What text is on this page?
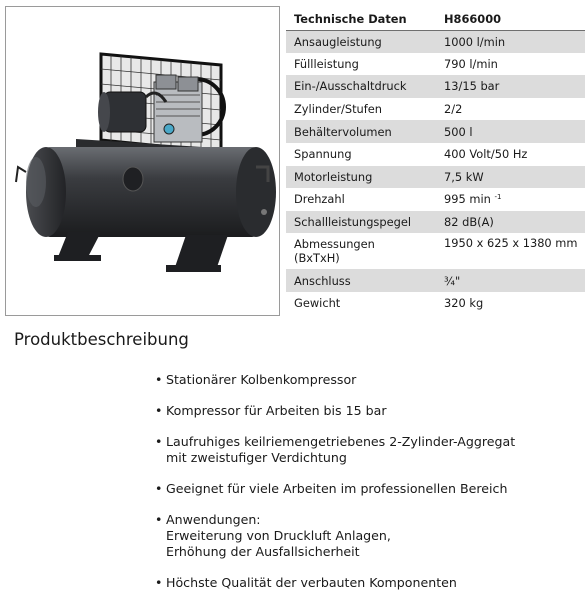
Technische Daten	H866000
Ansaugleistung	1000 l/min
Füllleistung	790 l/min
Ein-/Ausschaltdruck	13/15 bar
Zylinder/Stufen	2/2
Behältervolumen	500 l
Spannung	400 Volt/50 Hz
Motorleistung	7,5 kW
Drehzahl	995 min $^{-1}$
Schallleistungspegel	82 dB(A)
Abmessungen
(BxTxH)	1950 x 625 x 1380 mm
Anschluss	¾"
Gewicht	320 kg
Produktbeschreibung
• Stationärer Kolbenkompressor
• Kompressor für Arbeiten bis 15 bar
• Laufruhiges keilriemengetriebenes 2-Zylinder-Aggregat
mit zweistufiger Verdichtung
• Geeignet für viele Arbeiten im professionellen Bereich
• Anwendungen:
Erweiterung von Druckluft Anlagen,
Erhöhung der Ausfallsicherheit
• Höchste Qualität der verbauten Komponenten
